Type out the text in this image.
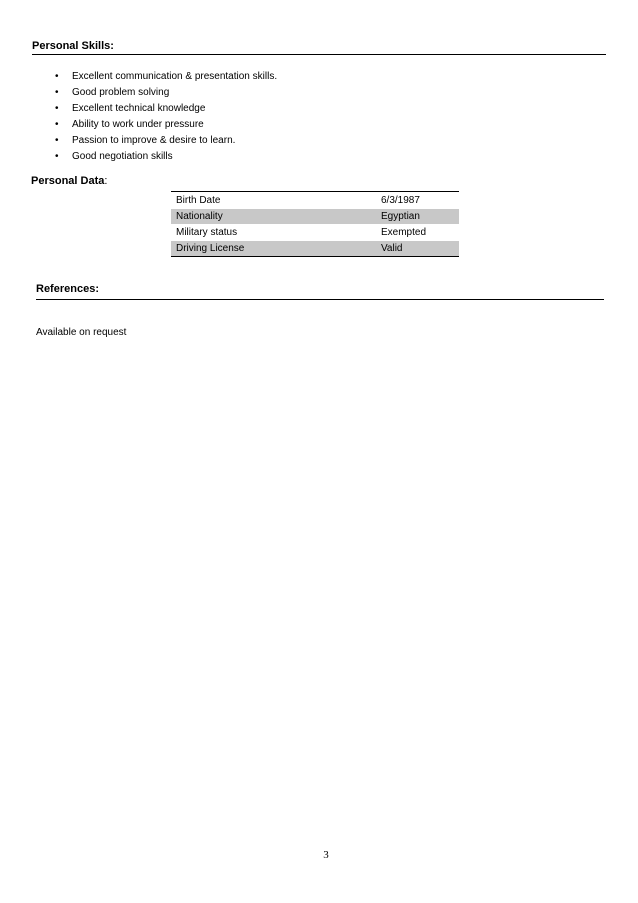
Personal Skills:
• Excellent communication & presentation skills.
• Good problem solving
• Excellent technical knowledge
• Ability to work under pressure
• Passion to improve & desire to learn.
• Good negotiation skills
Personal Data:
Birth Date	6/3/1987
Nationality	Egyptian
Military status	Exempted
Driving License	Valid
References:
Available on request
3
